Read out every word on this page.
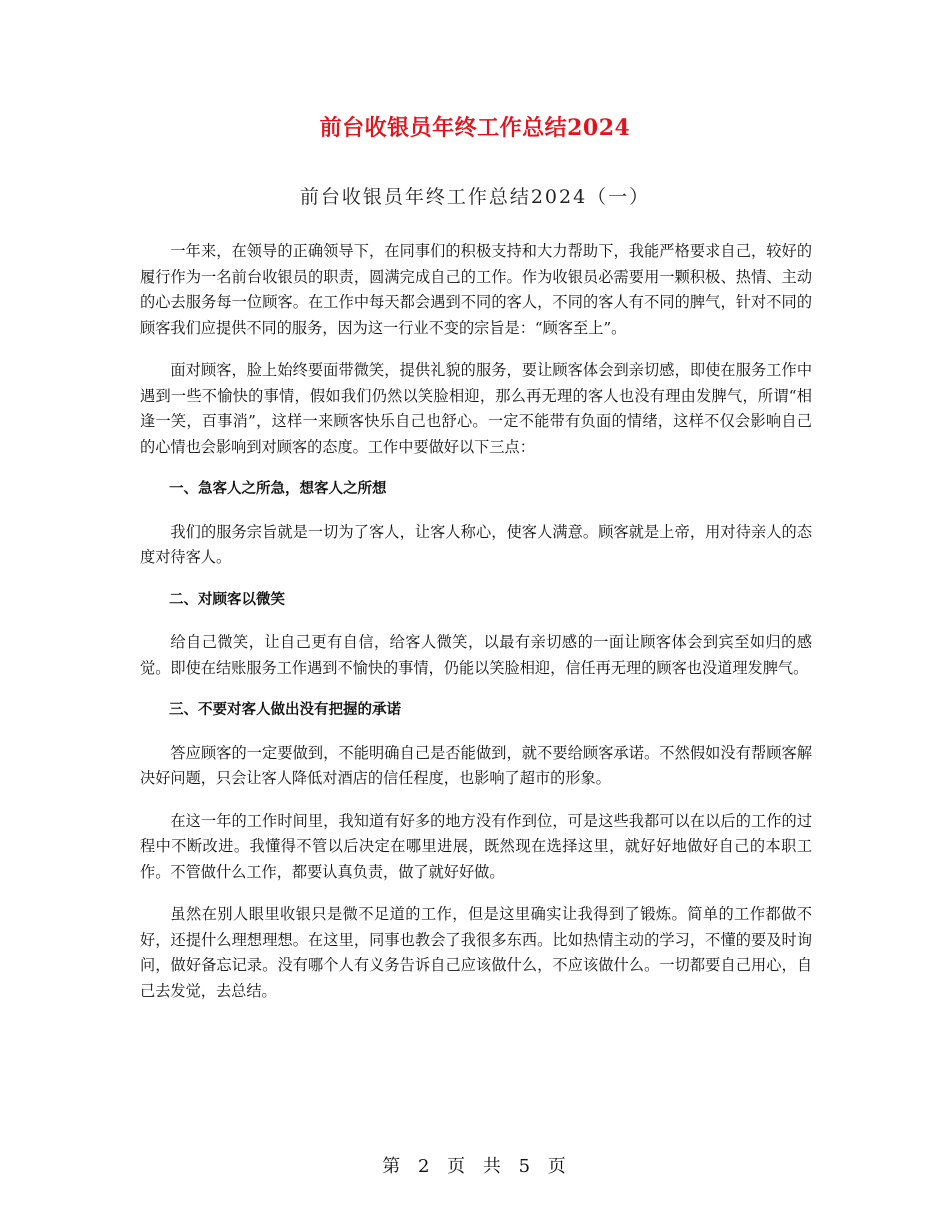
前台收银员年终工作总结2024
前台收银员年终工作总结2024（一）

一年来，在领导的正确领导下，在同事们的积极支持和大力帮助下，我能严格要求自己，较好的履行作为一名前台收银员的职责，圆满完成自己的工作。作为收银员必需要用一颗积极、热情、主动的心去服务每一位顾客。在工作中每天都会遇到不同的客人，不同的客人有不同的脾气，针对不同的顾客我们应提供不同的服务，因为这一行业不变的宗旨是：“顾客至上”。

面对顾客，脸上始终要面带微笑，提供礼貌的服务，要让顾客体会到亲切感，即使在服务工作中遇到一些不愉快的事情，假如我们仍然以笑脸相迎，那么再无理的客人也没有理由发脾气，所谓“相逢一笑，百事消”，这样一来顾客快乐自己也舒心。一定不能带有负面的情绪，这样不仅会影响自己的心情也会影响到对顾客的态度。工作中要做好以下三点：

一、急客人之所急，想客人之所想

我们的服务宗旨就是一切为了客人，让客人称心，使客人满意。顾客就是上帝，用对待亲人的态度对待客人。

二、对顾客以微笑

给自己微笑，让自己更有自信，给客人微笑，以最有亲切感的一面让顾客体会到宾至如归的感觉。即使在结账服务工作遇到不愉快的事情，仍能以笑脸相迎，信任再无理的顾客也没道理发脾气。

三、不要对客人做出没有把握的承诺

答应顾客的一定要做到，不能明确自己是否能做到，就不要给顾客承诺。不然假如没有帮顾客解决好问题，只会让客人降低对酒店的信任程度，也影响了超市的形象。

在这一年的工作时间里，我知道有好多的地方没有作到位，可是这些我都可以在以后的工作的过程中不断改进。我懂得不管以后决定在哪里进展，既然现在选择这里，就好好地做好自己的本职工作。不管做什么工作，都要认真负责，做了就好好做。

虽然在别人眼里收银只是微不足道的工作，但是这里确实让我得到了锻炼。简单的工作都做不好，还提什么理想理想。在这里，同事也教会了我很多东西。比如热情主动的学习，不懂的要及时询问，做好备忘记录。没有哪个人有义务告诉自己应该做什么，不应该做什么。一切都要自己用心，自己去发觉，去总结。

第 2 页 共 5 页
